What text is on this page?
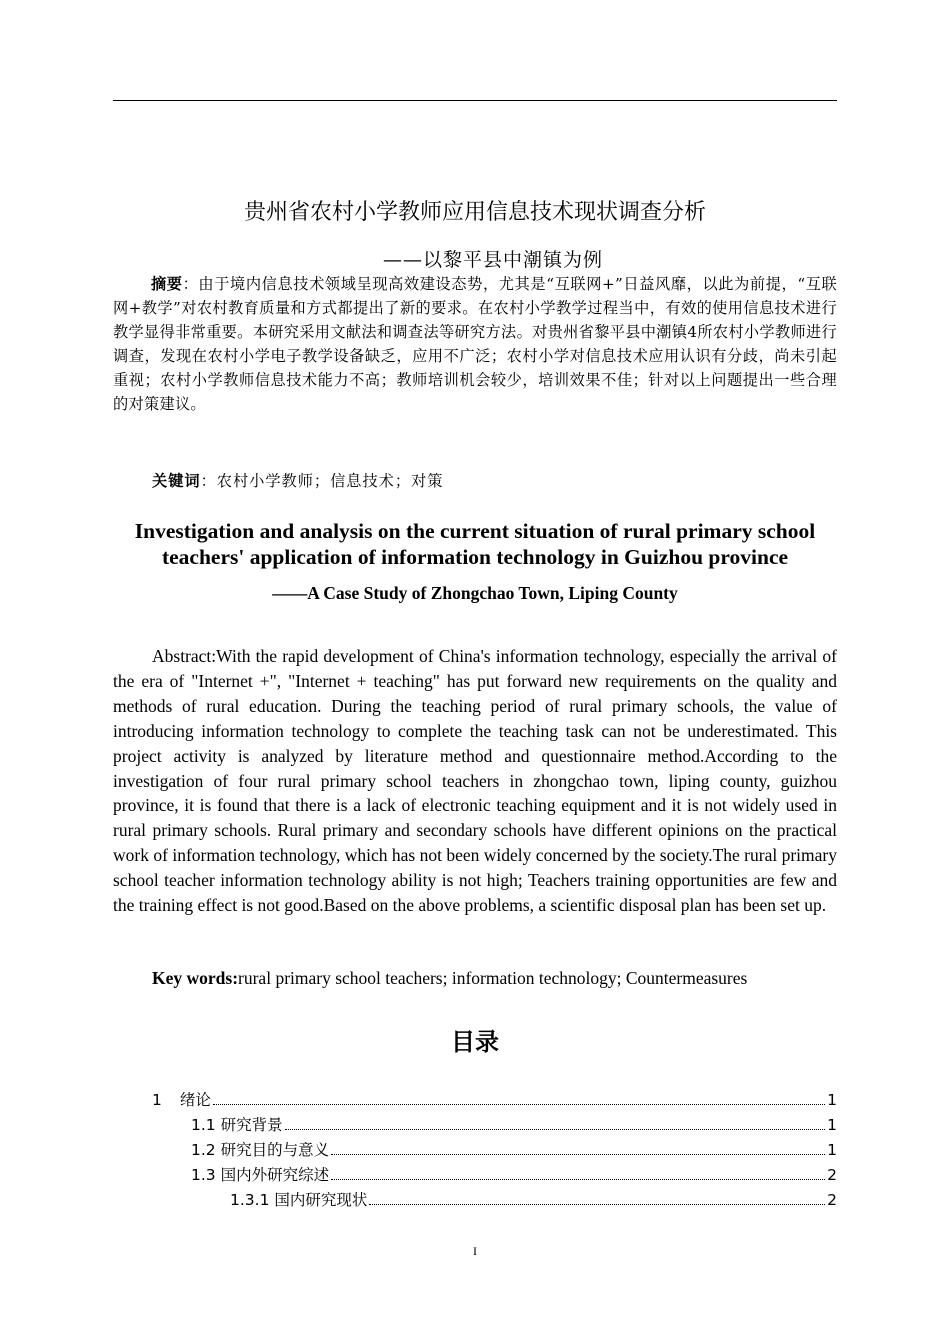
贵州省农村小学教师应用信息技术现状调查分析
——以黎平县中潮镇为例
摘要：由于境内信息技术领域呈现高效建设态势，尤其是“互联网+”日益风靡，以此为前提，“互联网+教学”对农村教育质量和方式都提出了新的要求。在农村小学教学过程当中，有效的使用信息技术进行教学显得非常重要。本研究采用文献法和调查法等研究方法。对贵州省黎平县中潮镇4所农村小学教师进行调查，发现在农村小学电子教学设备缺乏，应用不广泛；农村小学对信息技术应用认识有分歧，尚未引起重视；农村小学教师信息技术能力不高；教师培训机会较少，培训效果不佳；针对以上问题提出一些合理的对策建议。
关键词：农村小学教师；信息技术；对策
Investigation and analysis on the current situation of rural primary school teachers' application of information technology in Guizhou province
——A Case Study of Zhongchao Town, Liping County
Abstract:With the rapid development of China's information technology, especially the arrival of the era of "Internet +", "Internet + teaching" has put forward new requirements on the quality and methods of rural education. During the teaching period of rural primary schools, the value of introducing information technology to complete the teaching task can not be underestimated. This project activity is analyzed by literature method and questionnaire method.According to the investigation of four rural primary school teachers in zhongchao town, liping county, guizhou province, it is found that there is a lack of electronic teaching equipment and it is not widely used in rural primary schools. Rural primary and secondary schools have different opinions on the practical work of information technology, which has not been widely concerned by the society.The rural primary school teacher information technology ability is not high; Teachers training opportunities are few and the training effect is not good.Based on the above problems, a scientific disposal plan has been set up.
Key words:rural primary school teachers; information technology; Countermeasures
目录
1 绪论	1
1.1 研究背景	1
1.2 研究目的与意义	1
1.3 国内外研究综述	2
1.3.1 国内研究现状	2
I
